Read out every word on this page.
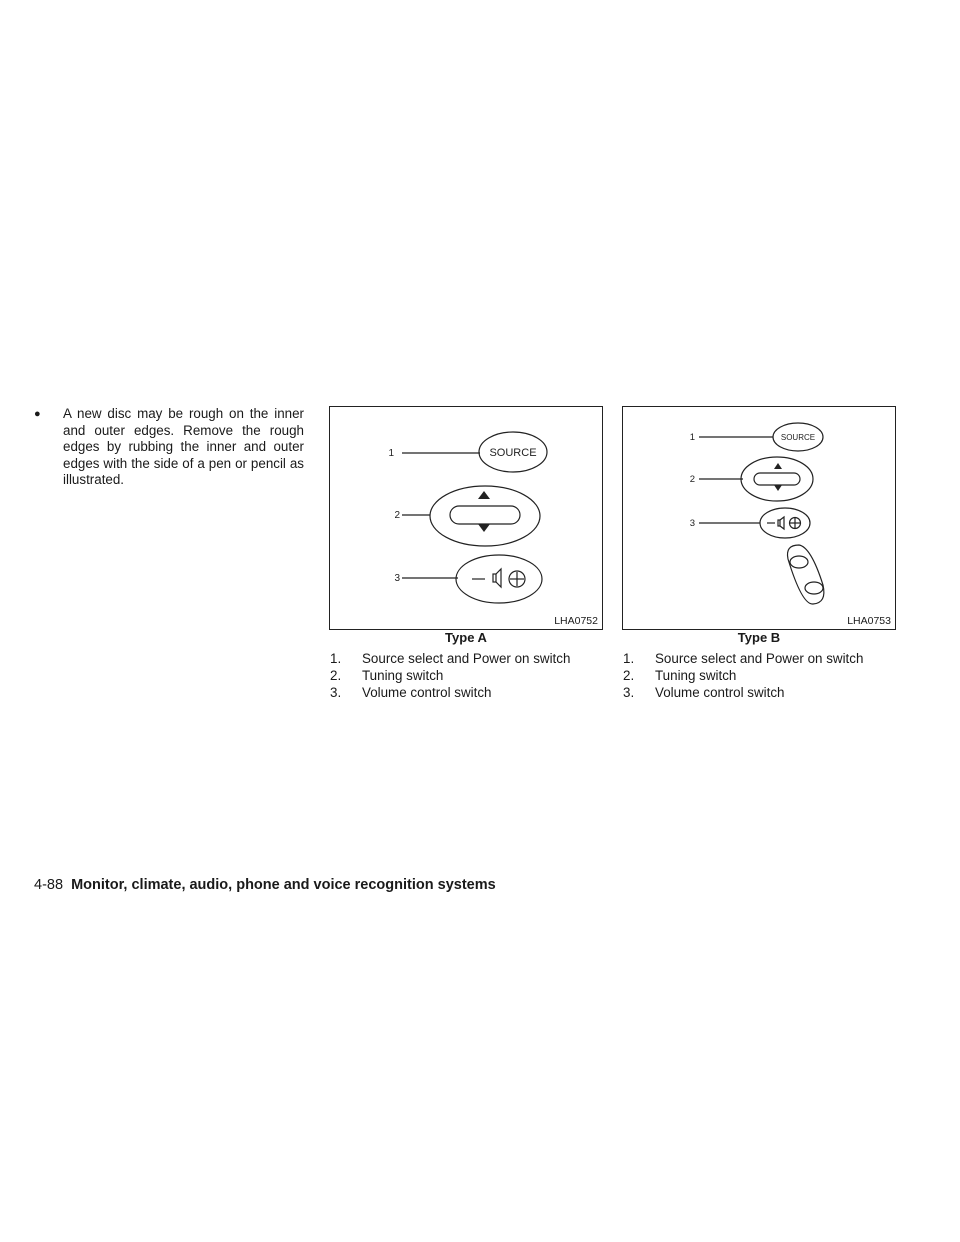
● A new disc may be rough on the inner and outer edges. Remove the rough edges by rubbing the inner and outer edges with the side of a pen or pencil as illustrated.
1
2
3
SOURCE
LHA0752
Type A
1.	Source select and Power on switch
2.	Tuning switch
3.	Volume control switch
1
2
3
SOURCE
LHA0753
Type B
1.	Source select and Power on switch
2.	Tuning switch
3.	Volume control switch
4-88 Monitor, climate, audio, phone and voice recognition systems
